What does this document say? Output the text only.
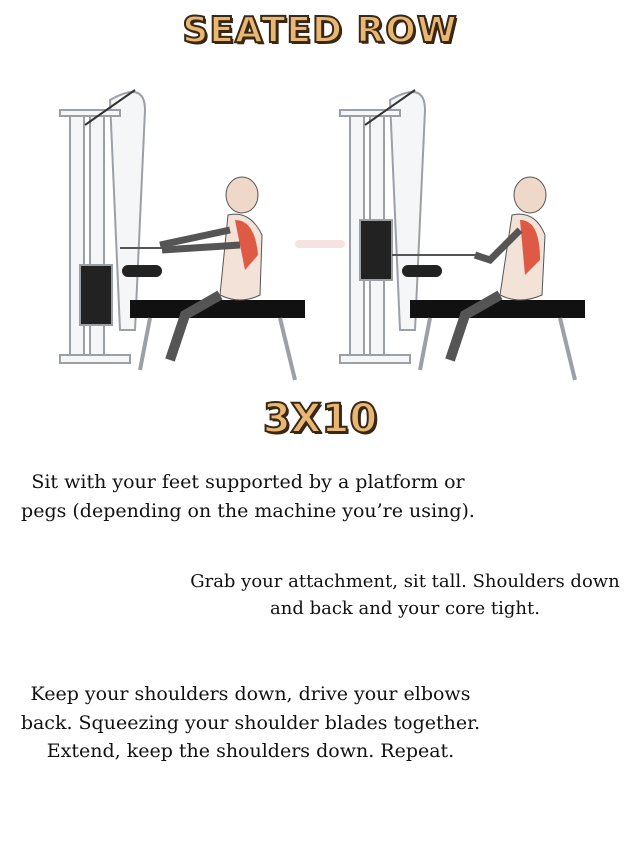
SEATED ROW
3X10
Sit with your feet supported by a platform or pegs (depending on the machine you’re using).
Grab your attachment, sit tall. Shoulders down and back and your core tight.
Keep your shoulders down, drive your elbows back. Squeezing your shoulder blades together. Extend, keep the shoulders down. Repeat.
